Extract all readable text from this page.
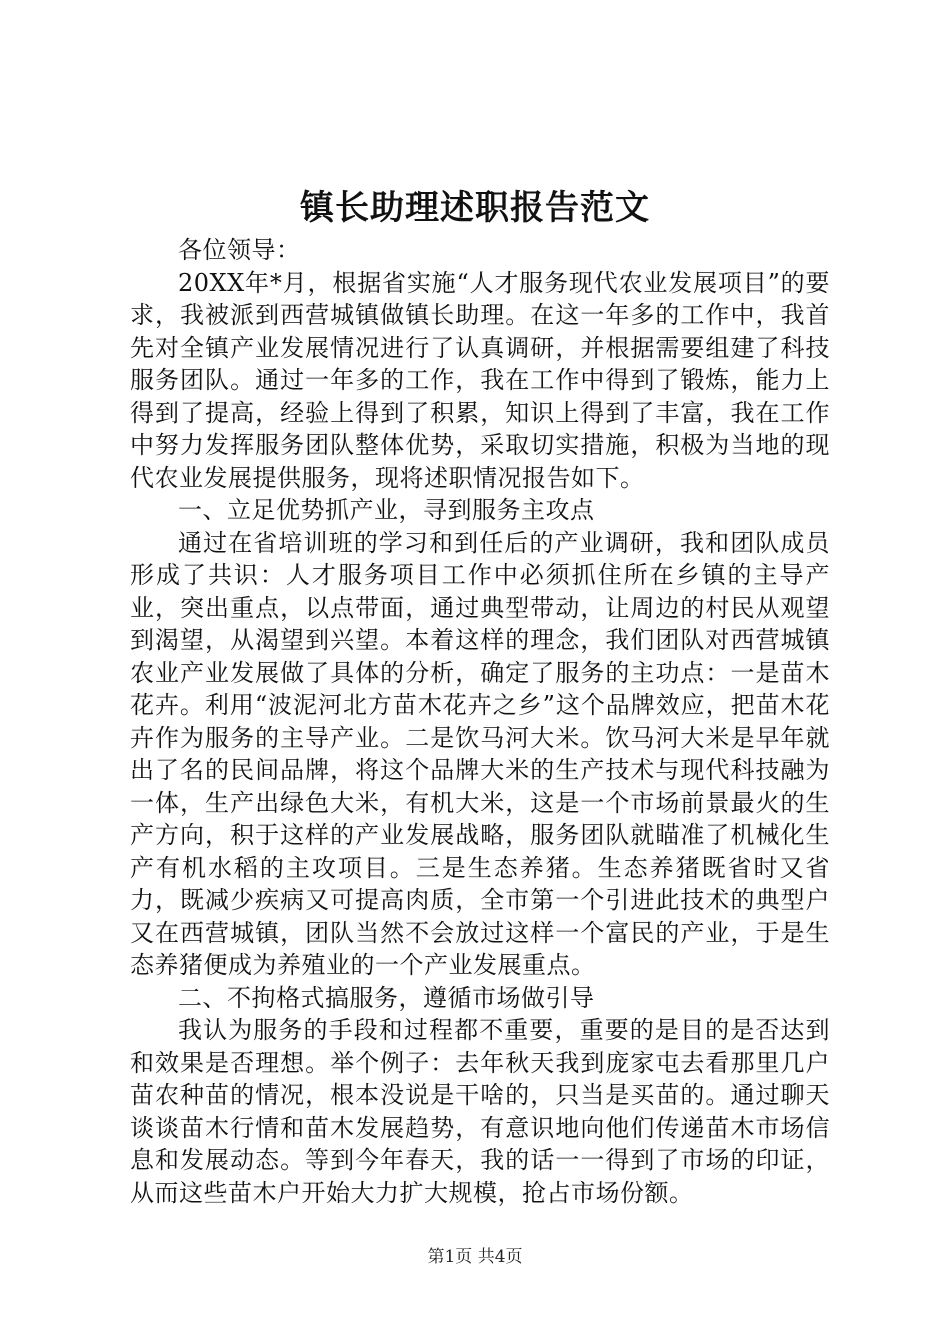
镇长助理述职报告范文

各位领导：

20XX年*月，根据省实施“人才服务现代农业发展项目”的要求，我被派到西营城镇做镇长助理。在这一年多的工作中，我首先对全镇产业发展情况进行了认真调研，并根据需要组建了科技服务团队。通过一年多的工作，我在工作中得到了锻炼，能力上得到了提高，经验上得到了积累，知识上得到了丰富，我在工作中努力发挥服务团队整体优势，采取切实措施，积极为当地的现代农业发展提供服务，现将述职情况报告如下。

一、立足优势抓产业，寻到服务主攻点

通过在省培训班的学习和到任后的产业调研，我和团队成员形成了共识：人才服务项目工作中必须抓住所在乡镇的主导产业，突出重点，以点带面，通过典型带动，让周边的村民从观望到渴望，从渴望到兴望。本着这样的理念，我们团队对西营城镇农业产业发展做了具体的分析，确定了服务的主功点：一是苗木花卉。利用“波泥河北方苗木花卉之乡”这个品牌效应，把苗木花卉作为服务的主导产业。二是饮马河大米。饮马河大米是早年就出了名的民间品牌，将这个品牌大米的生产技术与现代科技融为一体，生产出绿色大米，有机大米，这是一个市场前景最火的生产方向，积于这样的产业发展战略，服务团队就瞄准了机械化生产有机水稻的主攻项目。三是生态养猪。生态养猪既省时又省力，既减少疾病又可提高肉质，全市第一个引进此技术的典型户又在西营城镇，团队当然不会放过这样一个富民的产业，于是生态养猪便成为养殖业的一个产业发展重点。

二、不拘格式搞服务，遵循市场做引导

我认为服务的手段和过程都不重要，重要的是目的是否达到和效果是否理想。举个例子：去年秋天我到庞家屯去看那里几户苗农种苗的情况，根本没说是干啥的，只当是买苗的。通过聊天谈谈苗木行情和苗木发展趋势，有意识地向他们传递苗木市场信息和发展动态。等到今年春天，我的话一一得到了市场的印证，从而这些苗木户开始大力扩大规模，抢占市场份额。

第1页 共4页
